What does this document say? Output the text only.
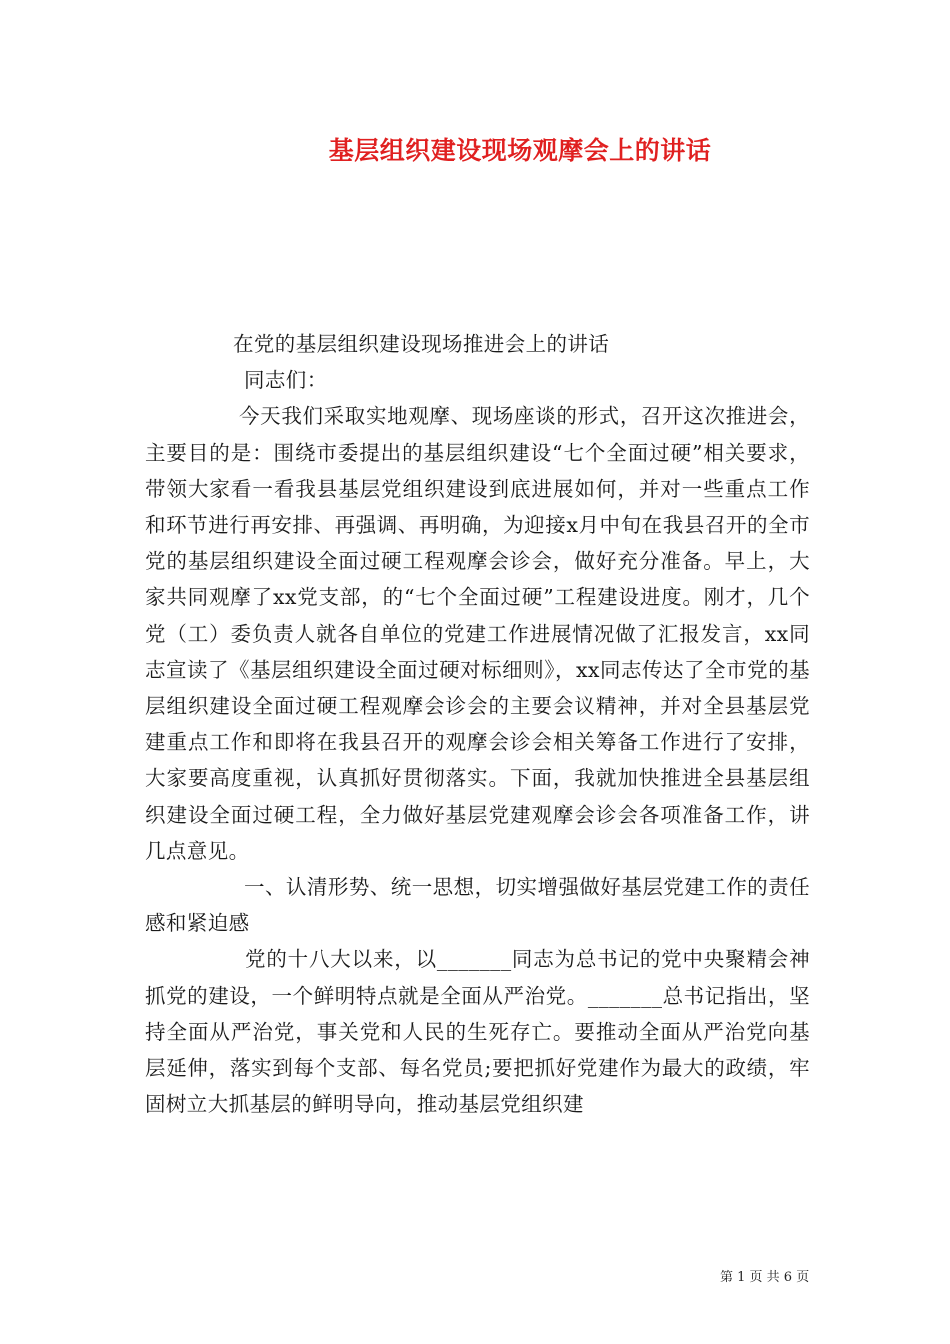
基层组织建设现场观摩会上的讲话

在党的基层组织建设现场推进会上的讲话

同志们：

今天我们采取实地观摩、现场座谈的形式，召开这次推进会，主要目的是：围绕市委提出的基层组织建设“七个全面过硬”相关要求，带领大家看一看我县基层党组织建设到底进展如何，并对一些重点工作和环节进行再安排、再强调、再明确，为迎接x月中旬在我县召开的全市党的基层组织建设全面过硬工程观摩会诊会，做好充分准备。早上，大家共同观摩了xx党支部，的“七个全面过硬”工程建设进度。刚才，几个党（工）委负责人就各自单位的党建工作进展情况做了汇报发言，xx同志宣读了《基层组织建设全面过硬对标细则》，xx同志传达了全市党的基层组织建设全面过硬工程观摩会诊会的主要会议精神，并对全县基层党建重点工作和即将在我县召开的观摩会诊会相关筹备工作进行了安排，大家要高度重视，认真抓好贯彻落实。下面，我就加快推进全县基层组织建设全面过硬工程，全力做好基层党建观摩会诊会各项准备工作，讲几点意见。

一、认清形势、统一思想，切实增强做好基层党建工作的责任感和紧迫感

党的十八大以来，以_______同志为总书记的党中央聚精会神抓党的建设，一个鲜明特点就是全面从严治党。_______总书记指出，坚持全面从严治党，事关党和人民的生死存亡。要推动全面从严治党向基层延伸，落实到每个支部、每名党员;要把抓好党建作为最大的政绩，牢固树立大抓基层的鲜明导向，推动基层党组织建

第 1 页 共 6 页
